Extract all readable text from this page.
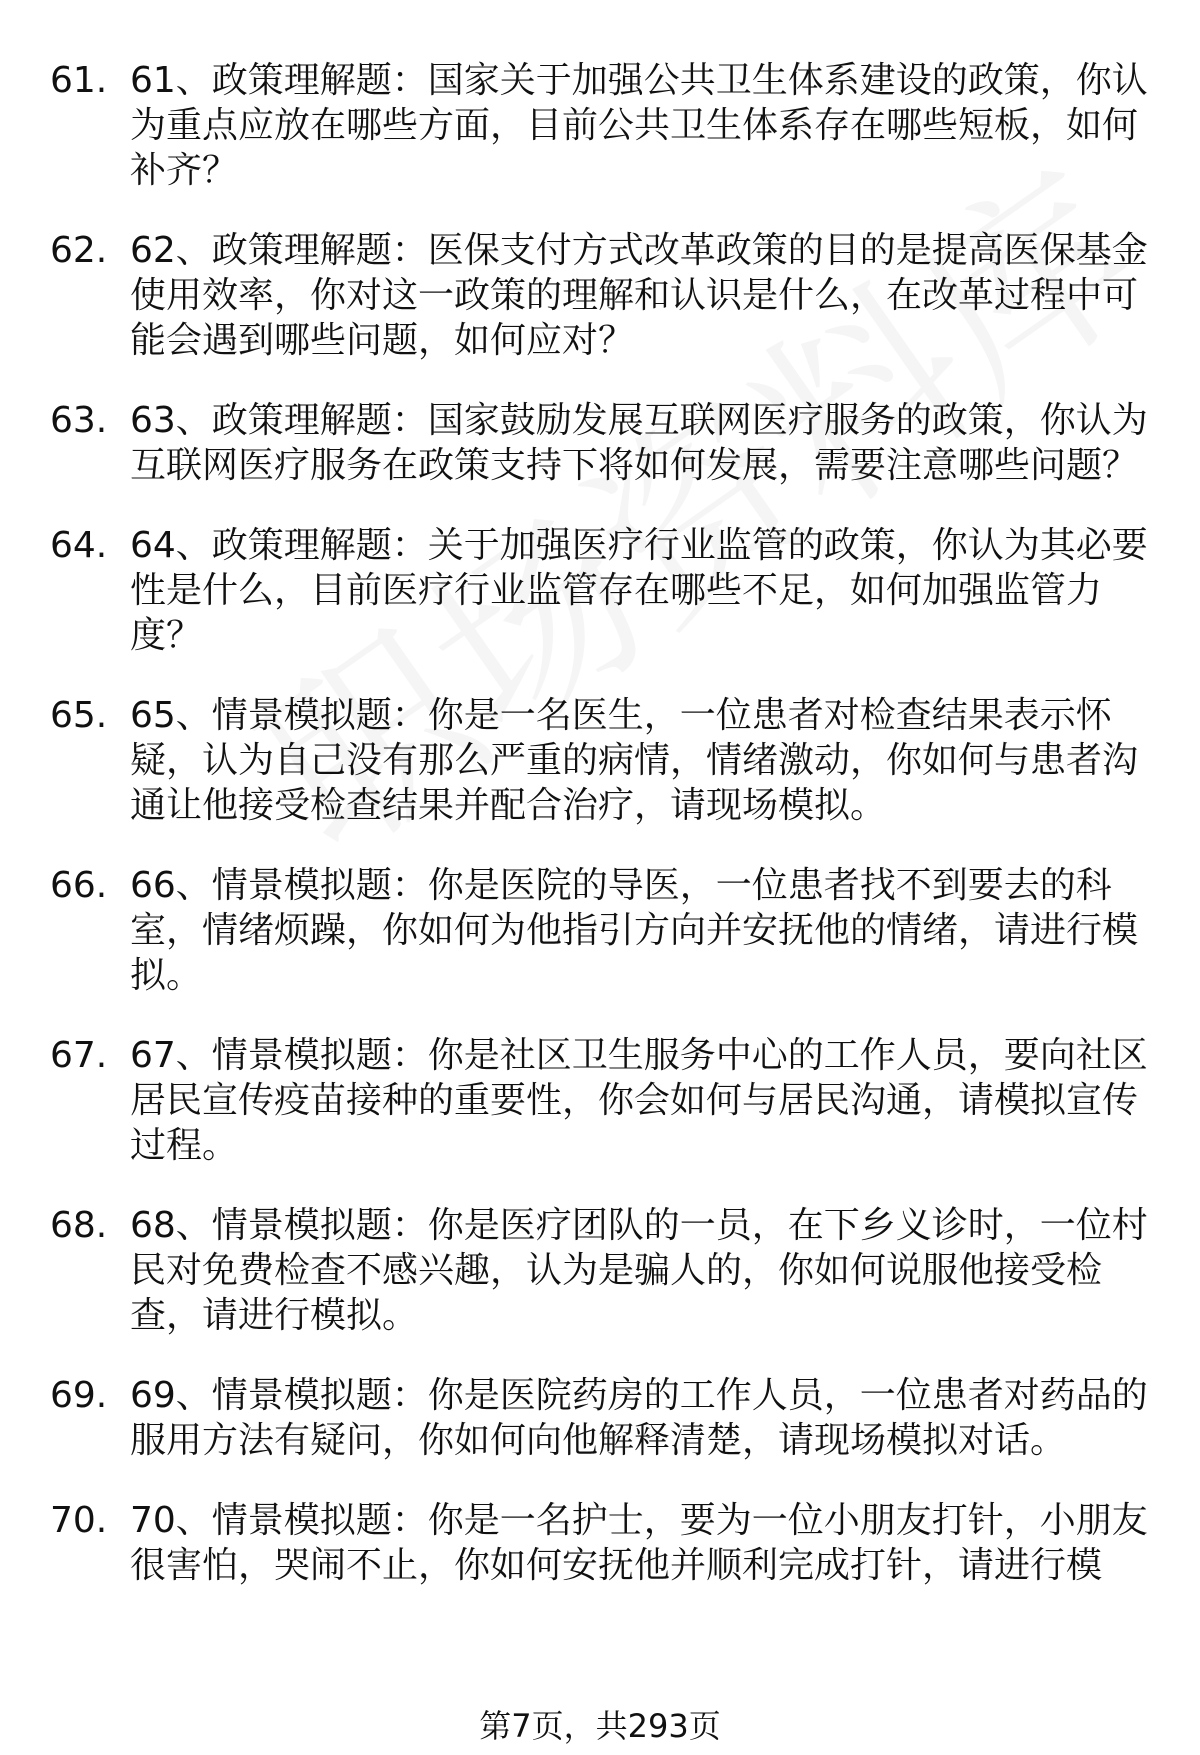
61. 61、政策理解题：国家关于加强公共卫生体系建设的政策，你认为重点应放在哪些方面，目前公共卫生体系存在哪些短板，如何补齐？
62. 62、政策理解题：医保支付方式改革政策的目的是提高医保基金使用效率，你对这一政策的理解和认识是什么，在改革过程中可能会遇到哪些问题，如何应对？
63. 63、政策理解题：国家鼓励发展互联网医疗服务的政策，你认为互联网医疗服务在政策支持下将如何发展，需要注意哪些问题？
64. 64、政策理解题：关于加强医疗行业监管的政策，你认为其必要性是什么，目前医疗行业监管存在哪些不足，如何加强监管力度？
65. 65、情景模拟题：你是一名医生，一位患者对检查结果表示怀疑，认为自己没有那么严重的病情，情绪激动，你如何与患者沟通让他接受检查结果并配合治疗，请现场模拟。
66. 66、情景模拟题：你是医院的导医，一位患者找不到要去的科室，情绪烦躁，你如何为他指引方向并安抚他的情绪，请进行模拟。
67. 67、情景模拟题：你是社区卫生服务中心的工作人员，要向社区居民宣传疫苗接种的重要性，你会如何与居民沟通，请模拟宣传过程。
68. 68、情景模拟题：你是医疗团队的一员，在下乡义诊时，一位村民对免费检查不感兴趣，认为是骗人的，你如何说服他接受检查，请进行模拟。
69. 69、情景模拟题：你是医院药房的工作人员，一位患者对药品的服用方法有疑问，你如何向他解释清楚，请现场模拟对话。
70. 70、情景模拟题：你是一名护士，要为一位小朋友打针，小朋友很害怕，哭闹不止，你如何安抚他并顺利完成打针，请进行模
第7页，共293页
